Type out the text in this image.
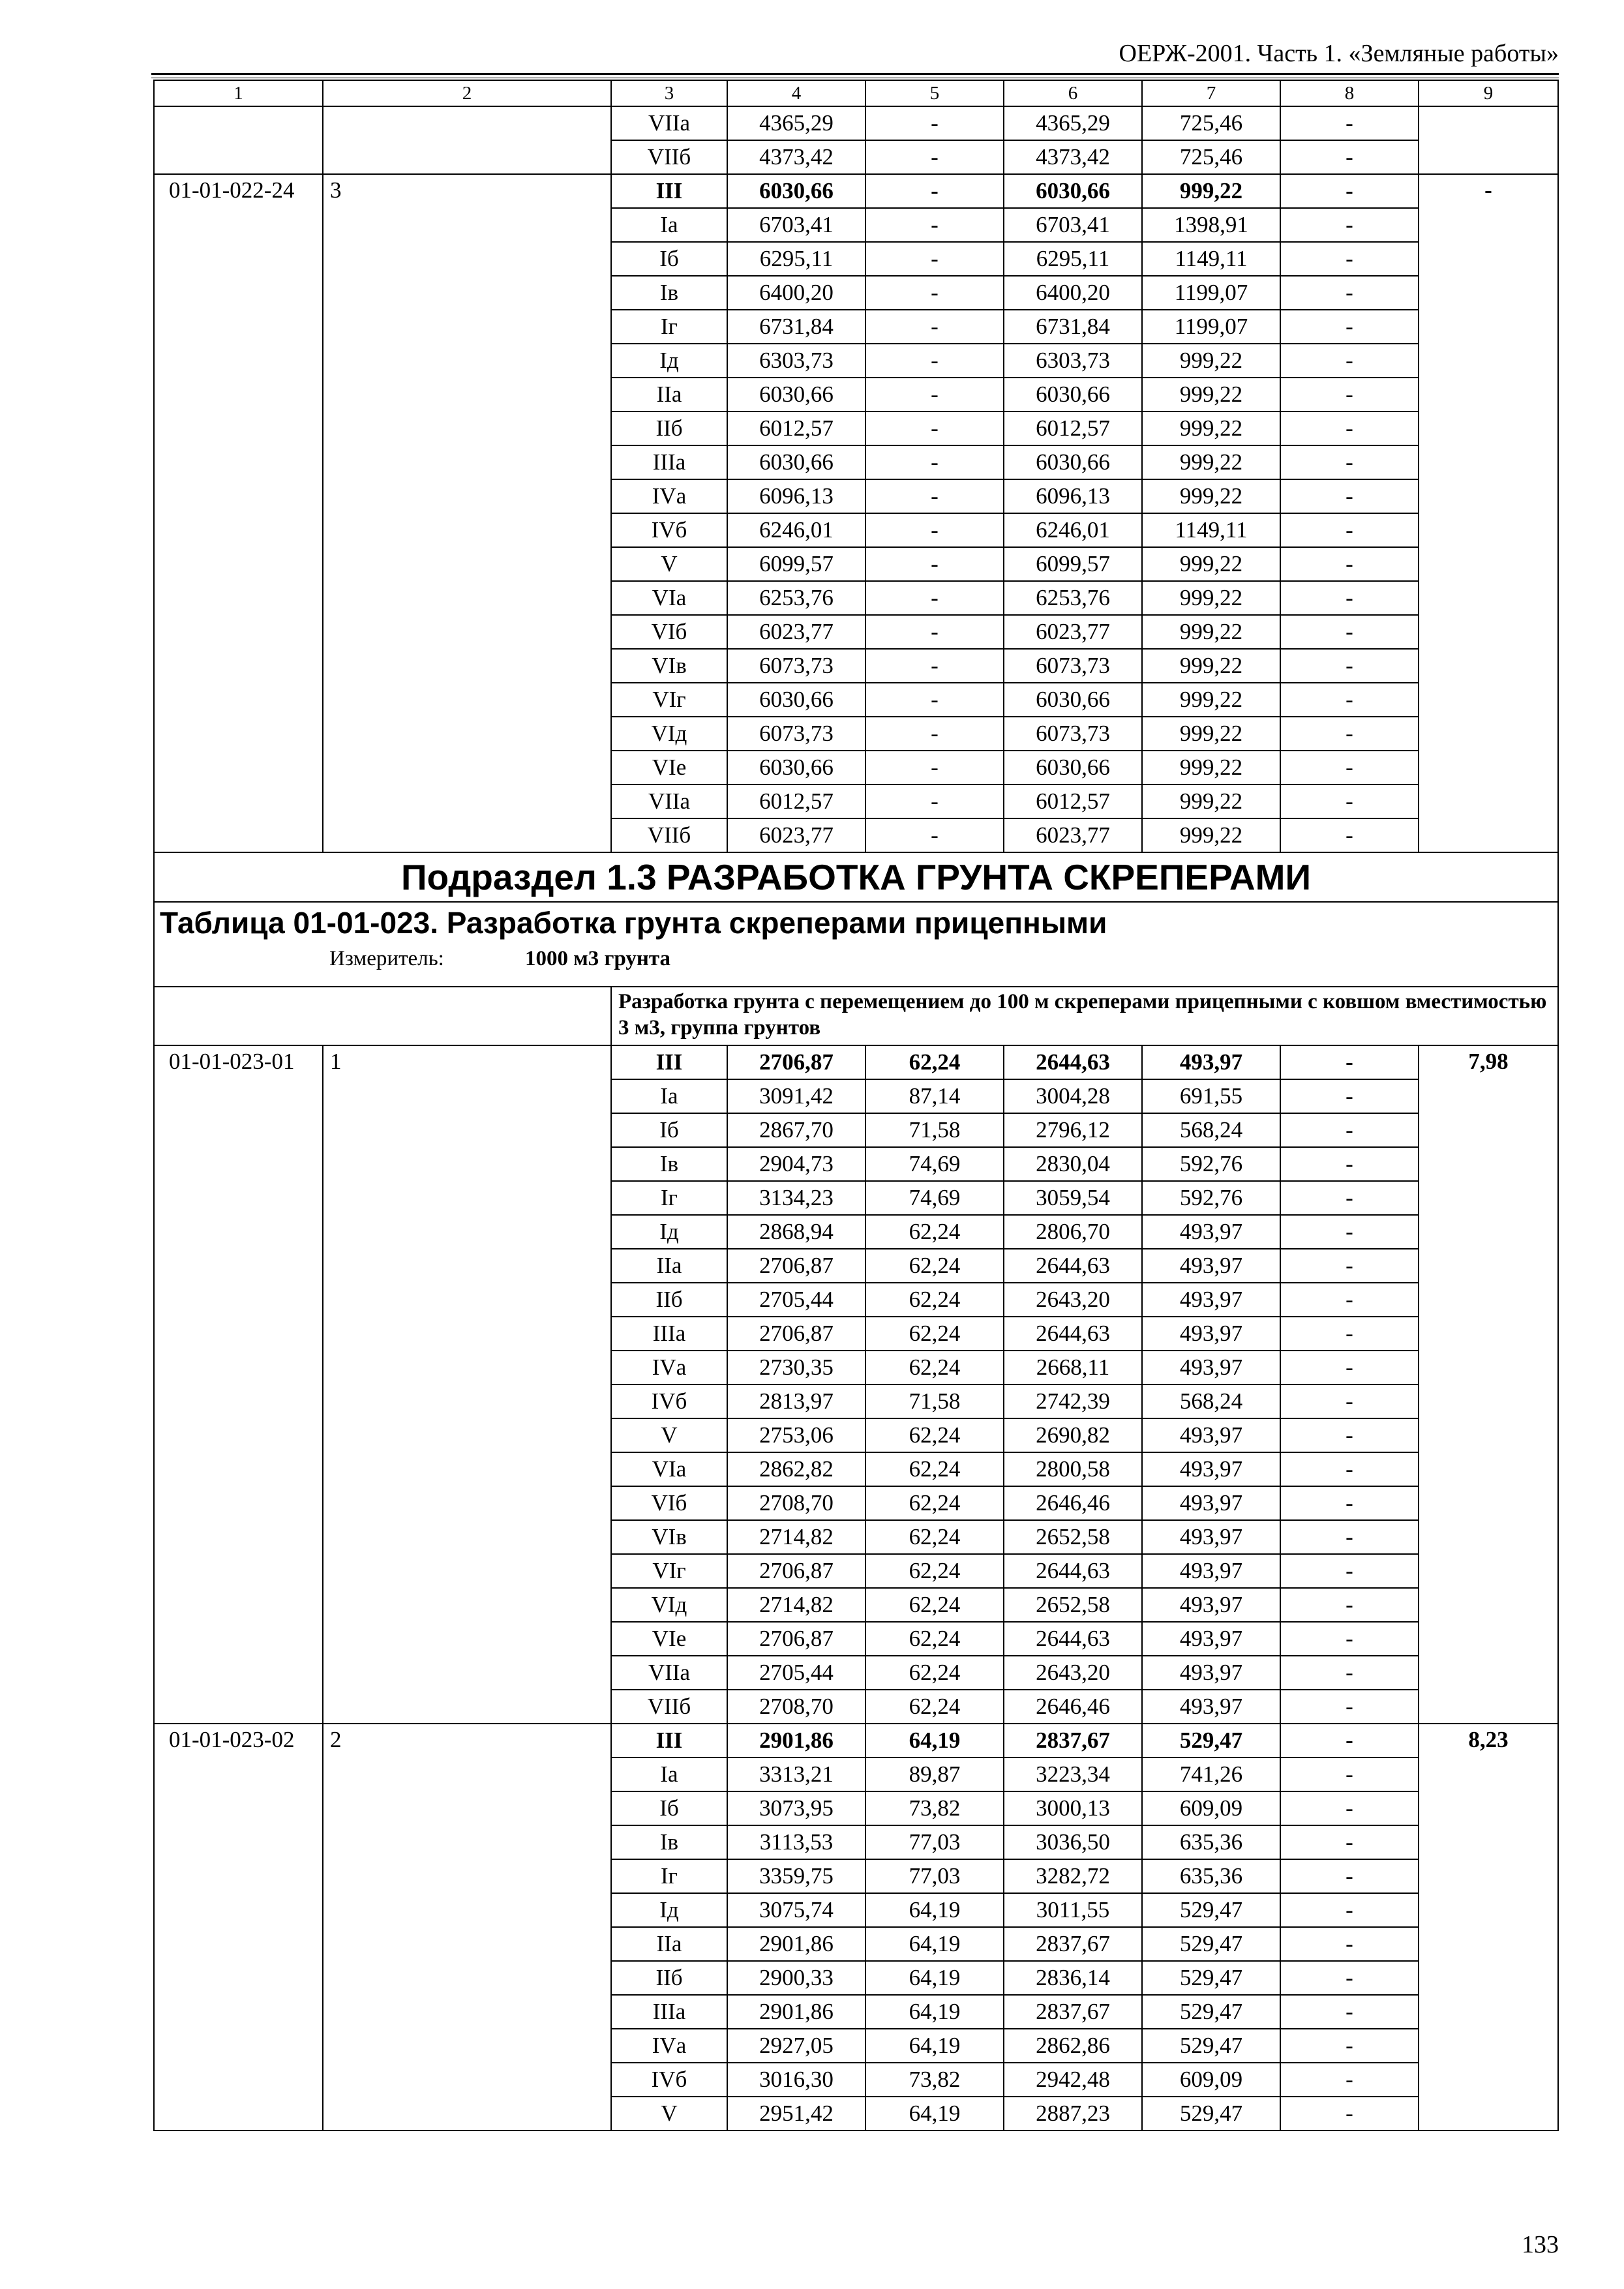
ОЕРЖ-2001. Часть 1. «Земляные работы»
1	2	3	4	5	6	7	8	9
		VIIа	4365,29	-	4365,29	725,46	-	
		VIIб	4373,42	-	4373,42	725,46	-	
01-01-022-24	3	III	6030,66	-	6030,66	999,22	-	-
		Iа	6703,41	-	6703,41	1398,91	-	
		Iб	6295,11	-	6295,11	1149,11	-	
		Iв	6400,20	-	6400,20	1199,07	-	
		Iг	6731,84	-	6731,84	1199,07	-	
		Iд	6303,73	-	6303,73	999,22	-	
		IIа	6030,66	-	6030,66	999,22	-	
		IIб	6012,57	-	6012,57	999,22	-	
		IIIа	6030,66	-	6030,66	999,22	-	
		IVа	6096,13	-	6096,13	999,22	-	
		IVб	6246,01	-	6246,01	1149,11	-	
		V	6099,57	-	6099,57	999,22	-	
		VIа	6253,76	-	6253,76	999,22	-	
		VIб	6023,77	-	6023,77	999,22	-	
		VIв	6073,73	-	6073,73	999,22	-	
		VIг	6030,66	-	6030,66	999,22	-	
		VIд	6073,73	-	6073,73	999,22	-	
		VIе	6030,66	-	6030,66	999,22	-	
		VIIа	6012,57	-	6012,57	999,22	-	
		VIIб	6023,77	-	6023,77	999,22	-	
Подраздел 1.3 РАЗРАБОТКА ГРУНТА СКРЕПЕРАМИ								

Таблица 01-01-023. Разработка грунта скреперами прицепными
Измеритель: 1000 м3 грунта								

		Разработка грунта с перемещением до 100 м скреперами прицепными с ковшом вместимостью 3 м3, группа грунтов						
01-01-023-01	1	III	2706,87	62,24	2644,63	493,97	-	7,98
		Iа	3091,42	87,14	3004,28	691,55	-	
		Iб	2867,70	71,58	2796,12	568,24	-	
		Iв	2904,73	74,69	2830,04	592,76	-	
		Iг	3134,23	74,69	3059,54	592,76	-	
		Iд	2868,94	62,24	2806,70	493,97	-	
		IIа	2706,87	62,24	2644,63	493,97	-	
		IIб	2705,44	62,24	2643,20	493,97	-	
		IIIа	2706,87	62,24	2644,63	493,97	-	
		IVа	2730,35	62,24	2668,11	493,97	-	
		IVб	2813,97	71,58	2742,39	568,24	-	
		V	2753,06	62,24	2690,82	493,97	-	
		VIа	2862,82	62,24	2800,58	493,97	-	
		VIб	2708,70	62,24	2646,46	493,97	-	
		VIв	2714,82	62,24	2652,58	493,97	-	
		VIг	2706,87	62,24	2644,63	493,97	-	
		VIд	2714,82	62,24	2652,58	493,97	-	
		VIе	2706,87	62,24	2644,63	493,97	-	
		VIIа	2705,44	62,24	2643,20	493,97	-	
		VIIб	2708,70	62,24	2646,46	493,97	-	
01-01-023-02	2	III	2901,86	64,19	2837,67	529,47	-	8,23
		Iа	3313,21	89,87	3223,34	741,26	-	
		Iб	3073,95	73,82	3000,13	609,09	-	
		Iв	3113,53	77,03	3036,50	635,36	-	
		Iг	3359,75	77,03	3282,72	635,36	-	
		Iд	3075,74	64,19	3011,55	529,47	-	
		IIа	2901,86	64,19	2837,67	529,47	-	
		IIб	2900,33	64,19	2836,14	529,47	-	
		IIIа	2901,86	64,19	2837,67	529,47	-	
		IVа	2927,05	64,19	2862,86	529,47	-	
		IVб	3016,30	73,82	2942,48	609,09	-	
		V	2951,42	64,19	2887,23	529,47	-	
133
